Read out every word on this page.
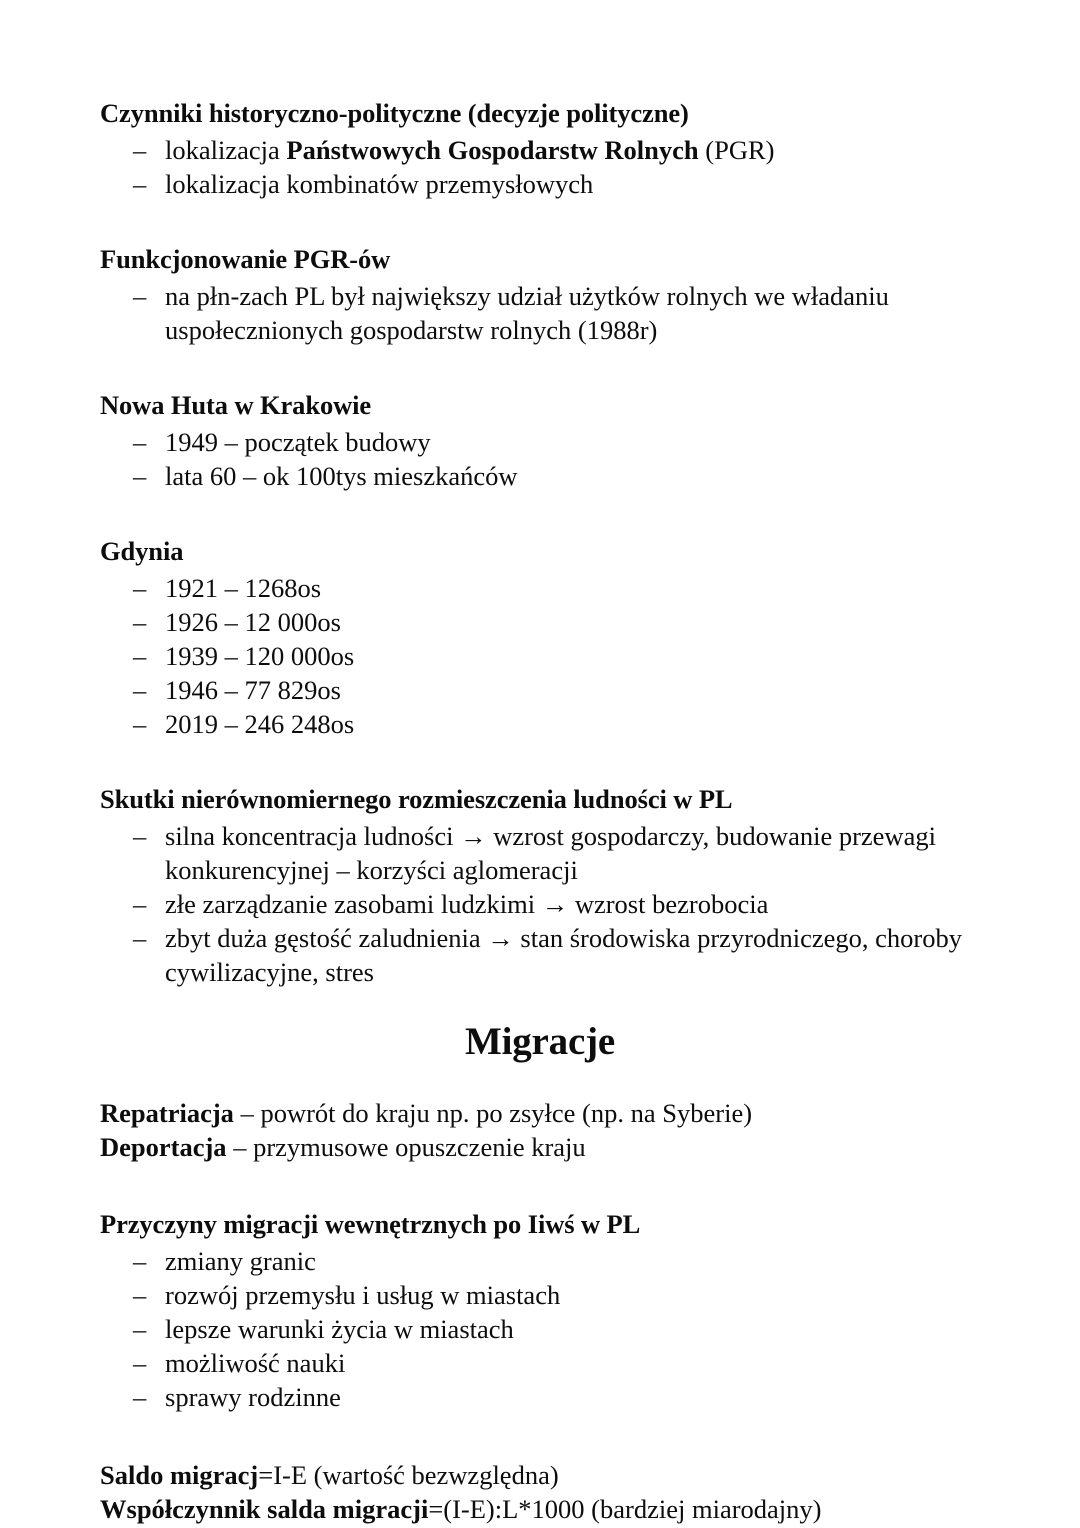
Czynniki historyczno-polityczne (decyzje polityczne)
– lokalizacja Państwowych Gospodarstw Rolnych (PGR)
– lokalizacja kombinatów przemysłowych
Funkcjonowanie PGR-ów
– na płn-zach PL był największy udział użytków rolnych we władaniu uspołecznionych gospodarstw rolnych (1988r)
Nowa Huta w Krakowie
– 1949 – początek budowy
– lata 60 – ok 100tys mieszkańców
Gdynia
– 1921 – 1268os
– 1926 – 12 000os
– 1939 – 120 000os
– 1946 – 77 829os
– 2019 – 246 248os
Skutki nierównomiernego rozmieszczenia ludności w PL
– silna koncentracja ludności → wzrost gospodarczy, budowanie przewagi konkurencyjnej – korzyści aglomeracji
– złe zarządzanie zasobami ludzkimi → wzrost bezrobocia
– zbyt duża gęstość zaludnienia → stan środowiska przyrodniczego, choroby cywilizacyjne, stres
Migracje

Repatriacja – powrót do kraju np. po zsyłce (np. na Syberie)

Deportacja – przymusowe opuszczenie kraju

Przyczyny migracji wewnętrznych po Iiwś w PL
– zmiany granic
– rozwój przemysłu i usług w miastach
– lepsze warunki życia w miastach
– możliwość nauki
– sprawy rodzinne

Saldo migracj=I-E (wartość bezwzględna)

Współczynnik salda migracji=(I-E):L*1000 (bardziej miarodajny)
